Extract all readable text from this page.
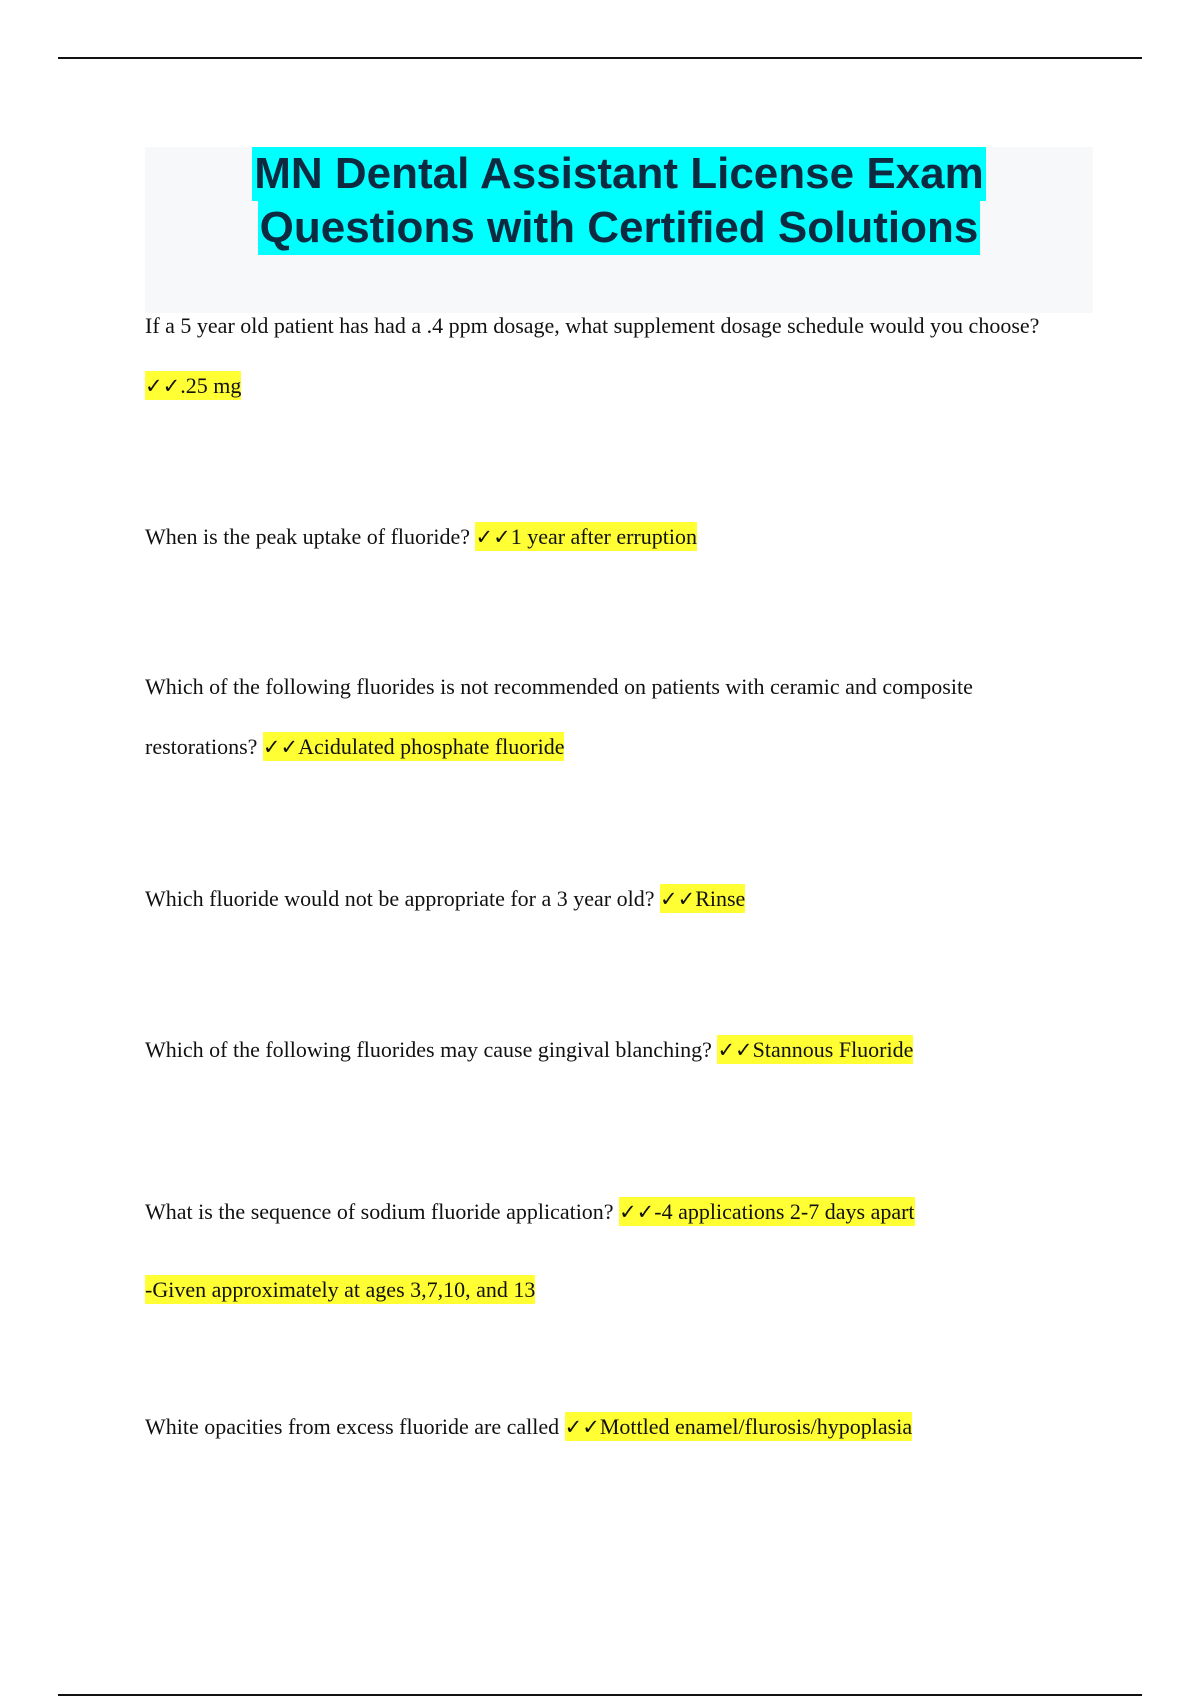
MN Dental Assistant License Exam
Questions with Certified Solutions
If a 5 year old patient has had a .4 ppm dosage, what supplement dosage schedule would you choose? ✓✓.25 mg
When is the peak uptake of fluoride? ✓✓1 year after erruption
Which of the following fluorides is not recommended on patients with ceramic and composite restorations? ✓✓Acidulated phosphate fluoride
Which fluoride would not be appropriate for a 3 year old? ✓✓Rinse
Which of the following fluorides may cause gingival blanching? ✓✓Stannous Fluoride
What is the sequence of sodium fluoride application? ✓✓-4 applications 2-7 days apart
-Given approximately at ages 3,7,10, and 13
White opacities from excess fluoride are called ✓✓Mottled enamel/flurosis/hypoplasia
